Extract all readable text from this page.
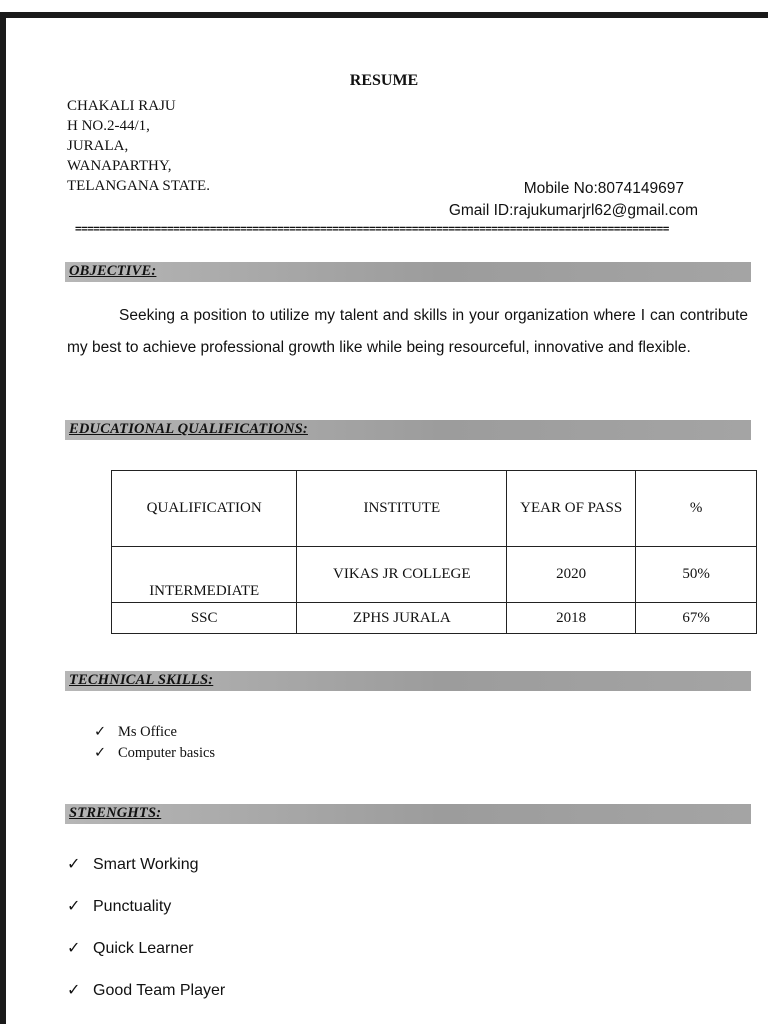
RESUME
CHAKALI RAJU
H NO.2-44/1,
JURALA,
WANAPARTHY,
TELANGANA STATE.	Mobile No:8074149697
Gmail ID:rajukumarjrl62@gmail.com
=================================================================================================
OBJECTIVE:
Seeking a position to utilize my talent and skills in your organization where I can contribute my best to achieve professional growth like while being resourceful, innovative and flexible.
EDUCATIONAL QUALIFICATIONS:
QUALIFICATION	INSTITUTE	YEAR OF PASS	%
INTERMEDIATE	VIKAS JR COLLEGE	2020	50%
SSC	ZPHS JURALA	2018	67%
TECHNICAL SKILLS:
✓ Ms Office
✓ Computer basics
STRENGHTS:
✓ Smart Working
✓ Punctuality
✓ Quick Learner
✓ Good Team Player
